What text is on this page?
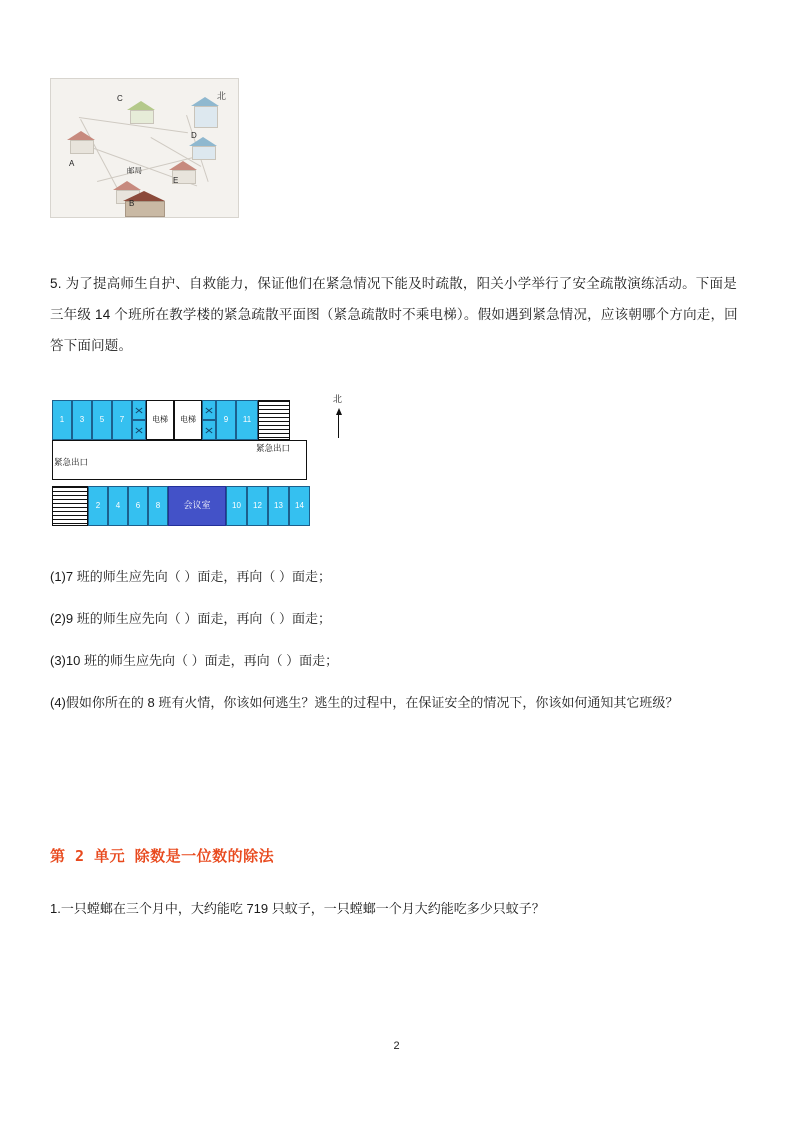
北
C
D
A
E
B
邮局
5. 为了提高师生自护、自救能力，保证他们在紧急情况下能及时疏散，阳关小学举行了安全疏散演练活动。下面是三年级 14 个班所在教学楼的紧急疏散平面图（紧急疏散时不乘电梯）。假如遇到紧急情况，应该朝哪个方向走，回答下面问题。
1	3	5	7	电梯	电梯	9	11
紧急出口
紧急出口
2	4	6	8	会议室	10	12	13	14
北
(1)7 班的师生应先向（ ）面走，再向（ ）面走；
(2)9 班的师生应先向（ ）面走，再向（ ）面走；
(3)10 班的师生应先向（ ）面走，再向（ ）面走；
(4)假如你所在的 8 班有火情，你该如何逃生？逃生的过程中，在保证安全的情况下，你该如何通知其它班级？
第 2 单元 除数是一位数的除法
1.一只螳螂在三个月中，大约能吃 719 只蚊子，一只螳螂一个月大约能吃多少只蚊子？
2
